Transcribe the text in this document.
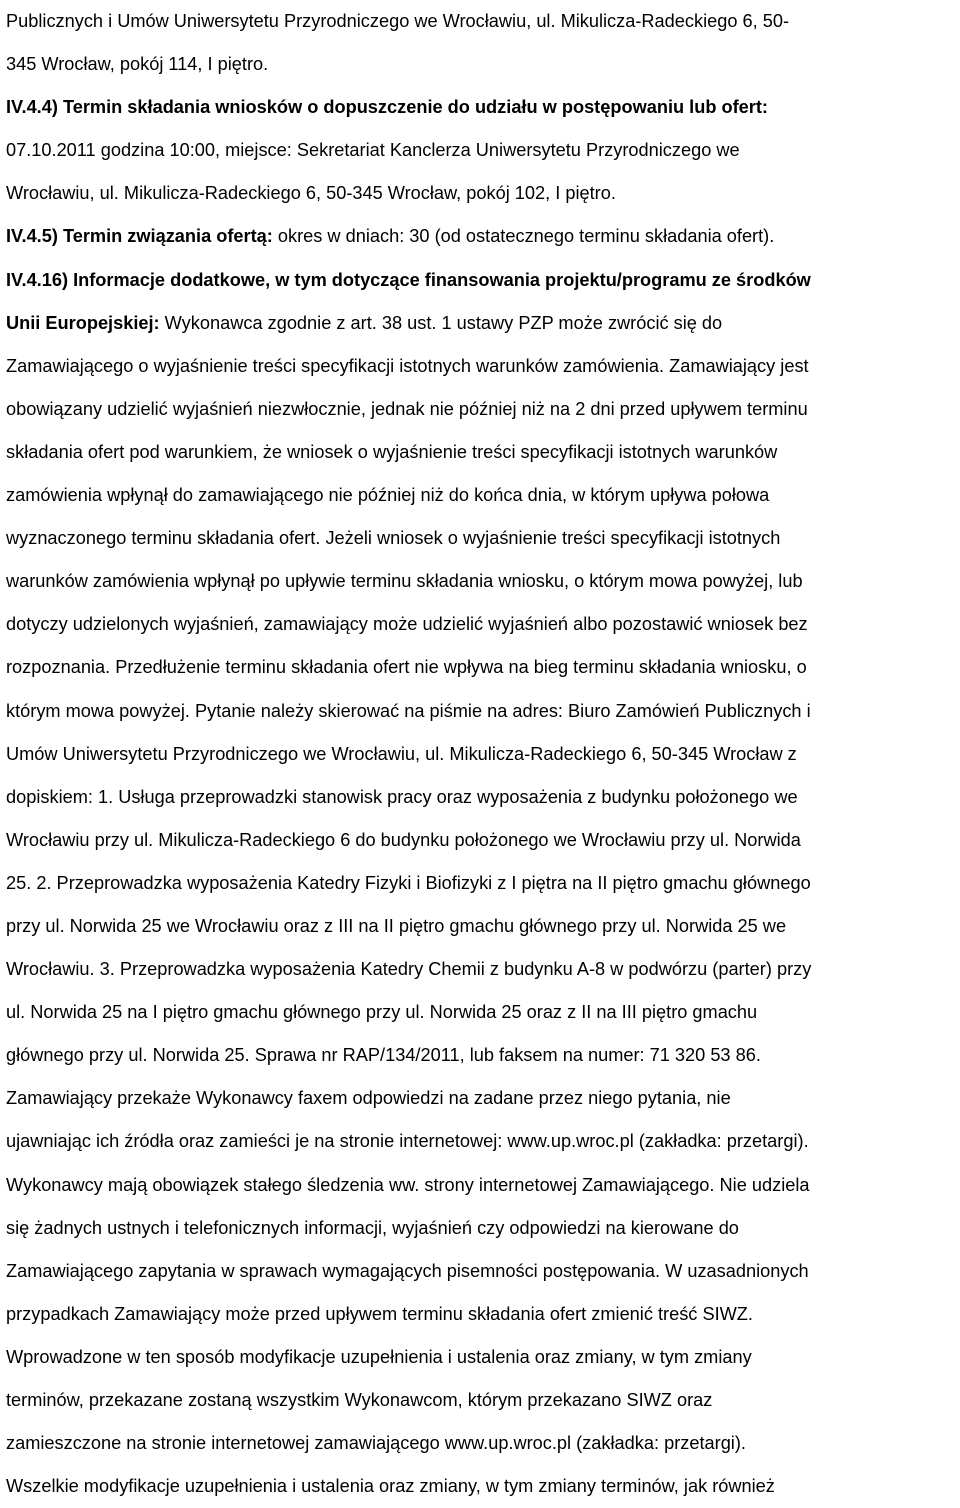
Publicznych i Umów Uniwersytetu Przyrodniczego we Wrocławiu, ul. Mikulicza-Radeckiego 6, 50-
345 Wrocław, pokój 114, I piętro.
IV.4.4) Termin składania wniosków o dopuszczenie do udziału w postępowaniu lub ofert:
07.10.2011 godzina 10:00, miejsce: Sekretariat Kanclerza Uniwersytetu Przyrodniczego we
Wrocławiu, ul. Mikulicza-Radeckiego 6, 50-345 Wrocław, pokój 102, I piętro.
IV.4.5) Termin związania ofertą: okres w dniach: 30 (od ostatecznego terminu składania ofert).
IV.4.16) Informacje dodatkowe, w tym dotyczące finansowania projektu/programu ze środków
Unii Europejskiej: Wykonawca zgodnie z art. 38 ust. 1 ustawy PZP może zwrócić się do
Zamawiającego o wyjaśnienie treści specyfikacji istotnych warunków zamówienia. Zamawiający jest
obowiązany udzielić wyjaśnień niezwłocznie, jednak nie później niż na 2 dni przed upływem terminu
składania ofert pod warunkiem, że wniosek o wyjaśnienie treści specyfikacji istotnych warunków
zamówienia wpłynął do zamawiającego nie później niż do końca dnia, w którym upływa połowa
wyznaczonego terminu składania ofert. Jeżeli wniosek o wyjaśnienie treści specyfikacji istotnych
warunków zamówienia wpłynął po upływie terminu składania wniosku, o którym mowa powyżej, lub
dotyczy udzielonych wyjaśnień, zamawiający może udzielić wyjaśnień albo pozostawić wniosek bez
rozpoznania. Przedłużenie terminu składania ofert nie wpływa na bieg terminu składania wniosku, o
którym mowa powyżej. Pytanie należy skierować na piśmie na adres: Biuro Zamówień Publicznych i
Umów Uniwersytetu Przyrodniczego we Wrocławiu, ul. Mikulicza-Radeckiego 6, 50-345 Wrocław z
dopiskiem: 1. Usługa przeprowadzki stanowisk pracy oraz wyposażenia z budynku położonego we
Wrocławiu przy ul. Mikulicza-Radeckiego 6 do budynku położonego we Wrocławiu przy ul. Norwida
25. 2. Przeprowadzka wyposażenia Katedry Fizyki i Biofizyki z I piętra na II piętro gmachu głównego
przy ul. Norwida 25 we Wrocławiu oraz z III na II piętro gmachu głównego przy ul. Norwida 25 we
Wrocławiu. 3. Przeprowadzka wyposażenia Katedry Chemii z budynku A-8 w podwórzu (parter) przy
ul. Norwida 25 na I piętro gmachu głównego przy ul. Norwida 25 oraz z II na III piętro gmachu
głównego przy ul. Norwida 25. Sprawa nr RAP/134/2011, lub faksem na numer: 71 320 53 86.
Zamawiający przekaże Wykonawcy faxem odpowiedzi na zadane przez niego pytania, nie
ujawniając ich źródła oraz zamieści je na stronie internetowej: www.up.wroc.pl (zakładka: przetargi).
Wykonawcy mają obowiązek stałego śledzenia ww. strony internetowej Zamawiającego. Nie udziela
się żadnych ustnych i telefonicznych informacji, wyjaśnień czy odpowiedzi na kierowane do
Zamawiającego zapytania w sprawach wymagających pisemności postępowania. W uzasadnionych
przypadkach Zamawiający może przed upływem terminu składania ofert zmienić treść SIWZ.
Wprowadzone w ten sposób modyfikacje uzupełnienia i ustalenia oraz zmiany, w tym zmiany
terminów, przekazane zostaną wszystkim Wykonawcom, którym przekazano SIWZ oraz
zamieszczone na stronie internetowej zamawiającego www.up.wroc.pl (zakładka: przetargi).
Wszelkie modyfikacje uzupełnienia i ustalenia oraz zmiany, w tym zmiany terminów, jak również
